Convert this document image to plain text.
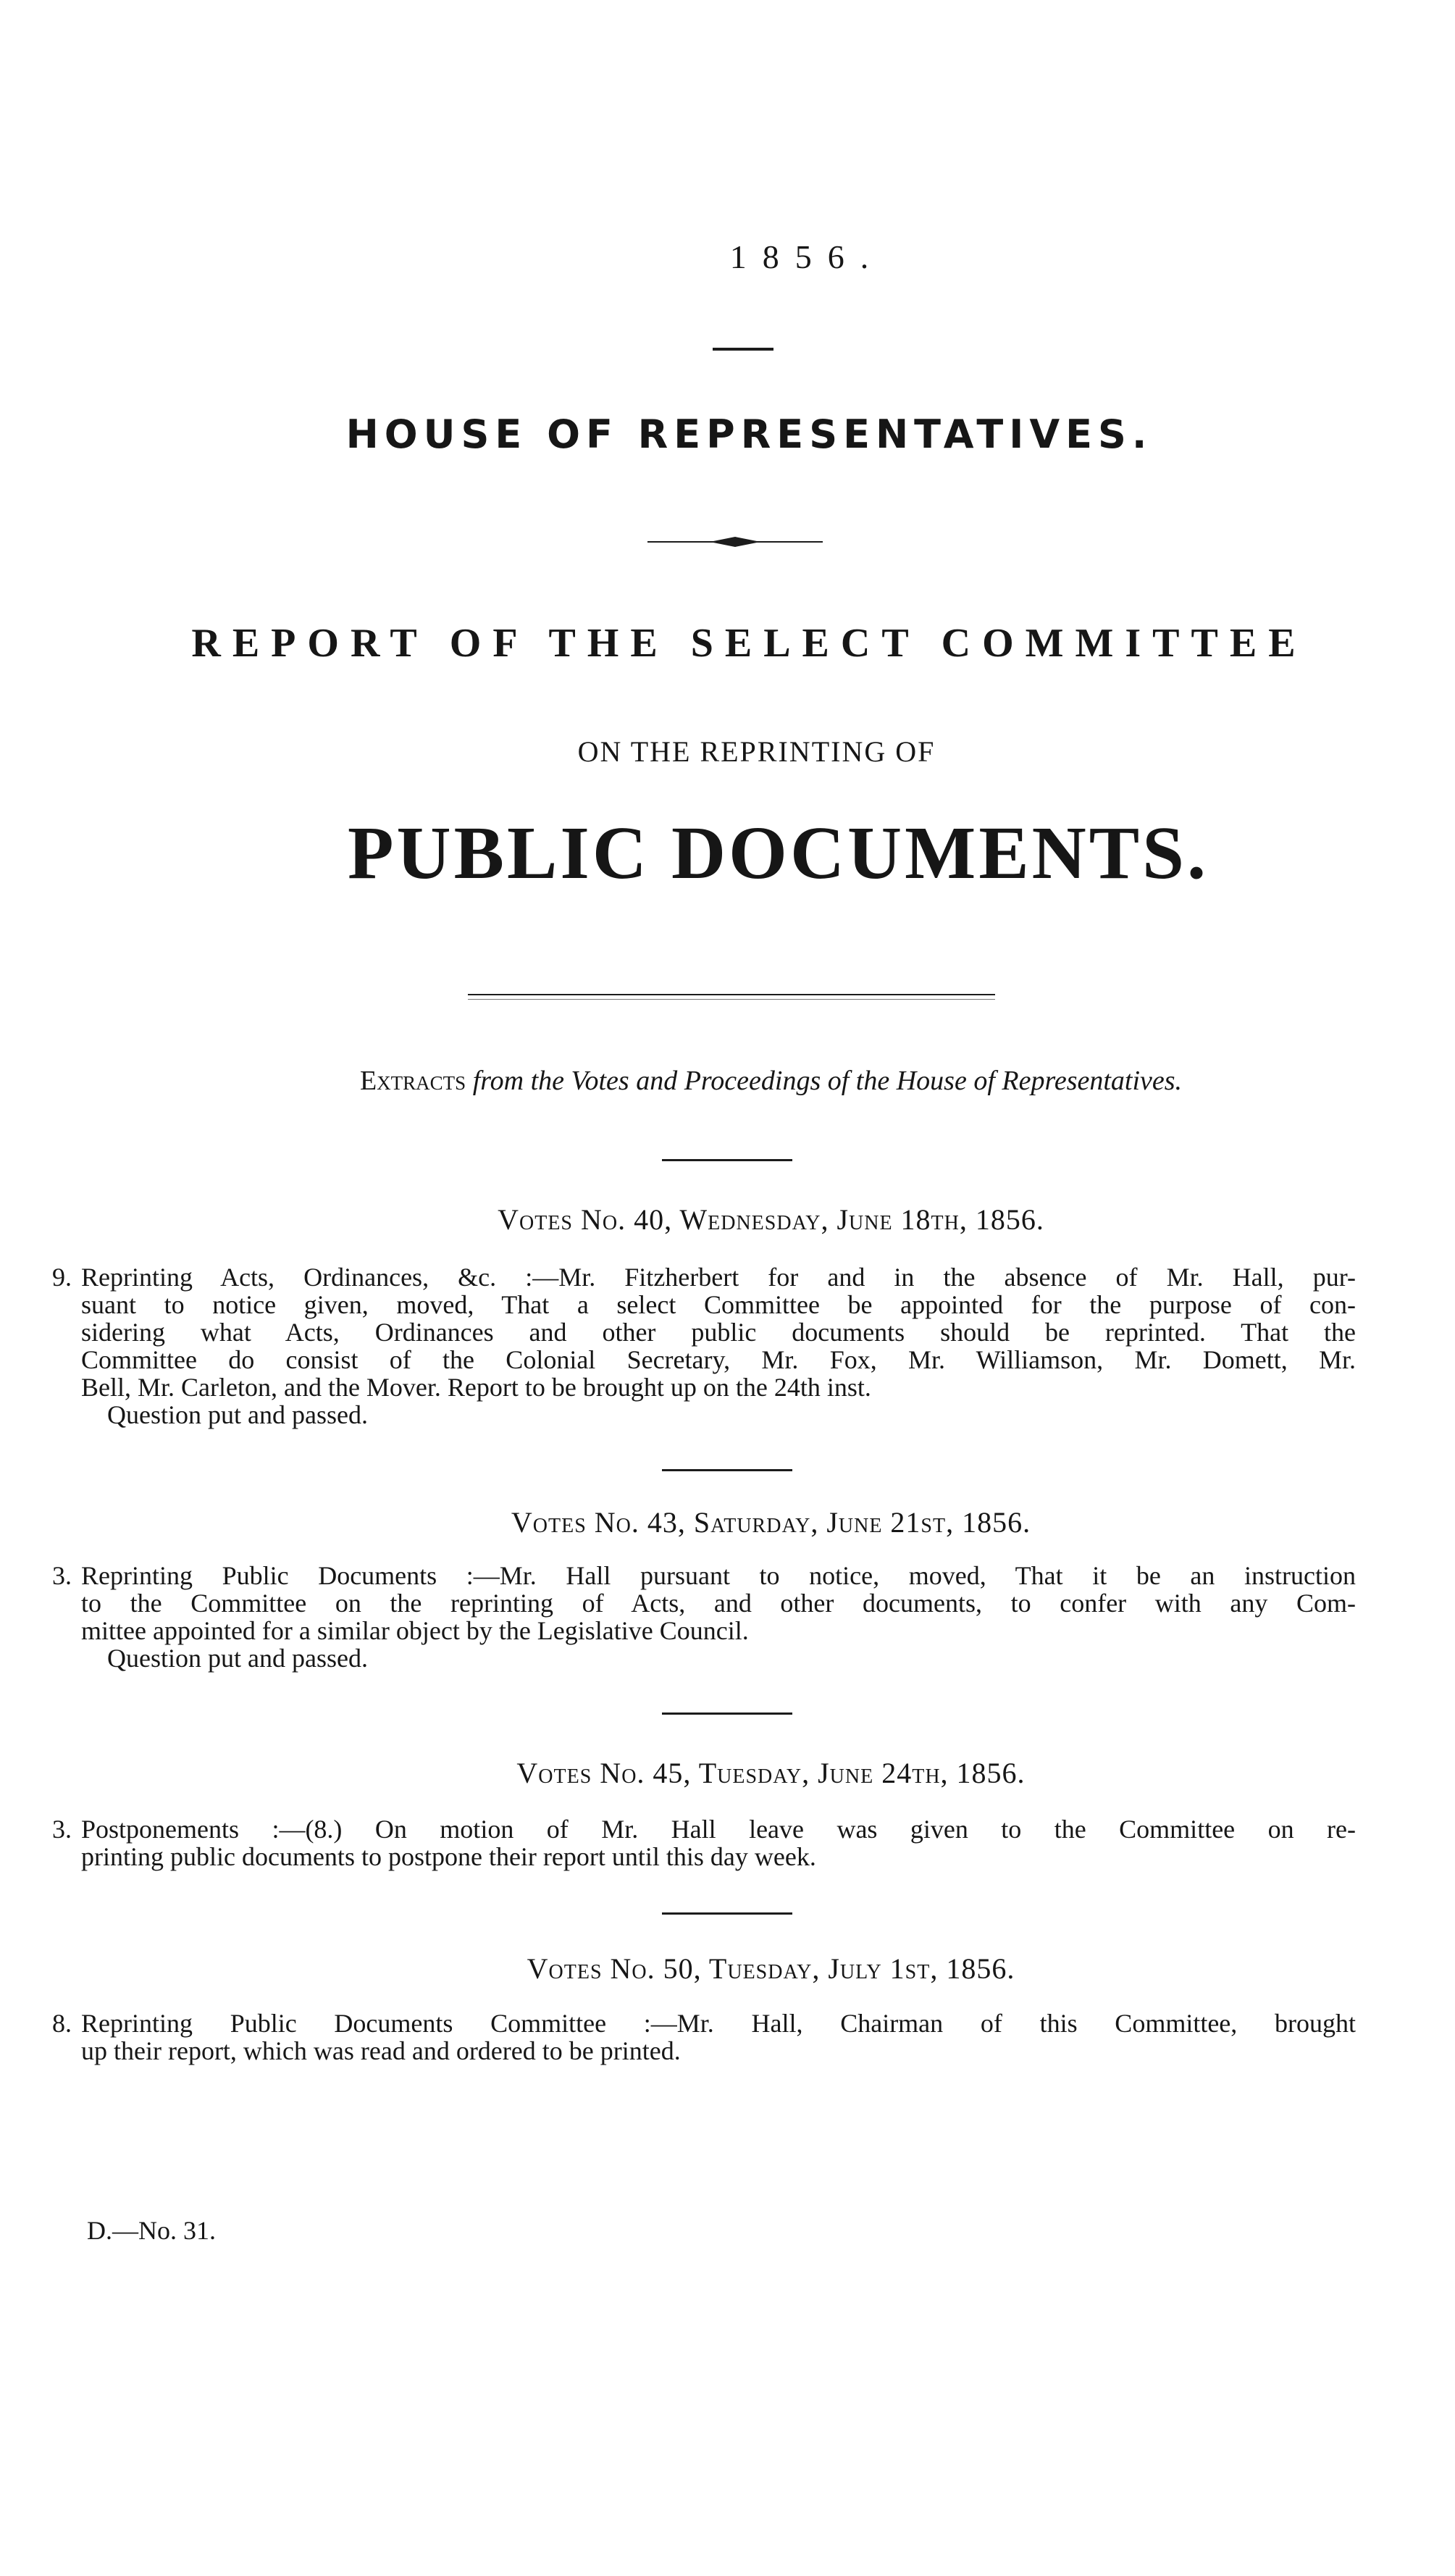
1856.
HOUSE OF REPRESENTATIVES.
REPORT OF THE SELECT COMMITTEE
ON THE REPRINTING OF
PUBLIC DOCUMENTS.
Extracts from the Votes and Proceedings of the House of Representatives.
Votes No. 40, Wednesday, June 18th, 1856.
9. Reprinting Acts, Ordinances, &c. :—Mr. Fitzherbert for and in the absence of Mr. Hall, pur-
suant to notice given, moved, That a select Committee be appointed for the purpose of con-
sidering what Acts, Ordinances and other public documents should be reprinted. That the
Committee do consist of the Colonial Secretary, Mr. Fox, Mr. Williamson, Mr. Domett, Mr.
Bell, Mr. Carleton, and the Mover. Report to be brought up on the 24th inst.
Question put and passed.
Votes No. 43, Saturday, June 21st, 1856.
3. Reprinting Public Documents :—Mr. Hall pursuant to notice, moved, That it be an instruction
to the Committee on the reprinting of Acts, and other documents, to confer with any Com-
mittee appointed for a similar object by the Legislative Council.
Question put and passed.
Votes No. 45, Tuesday, June 24th, 1856.
3. Postponements :—(8.) On motion of Mr. Hall leave was given to the Committee on re-
printing public documents to postpone their report until this day week.
Votes No. 50, Tuesday, July 1st, 1856.
8. Reprinting Public Documents Committee :—Mr. Hall, Chairman of this Committee, brought
up their report, which was read and ordered to be printed.
D.—No. 31.
